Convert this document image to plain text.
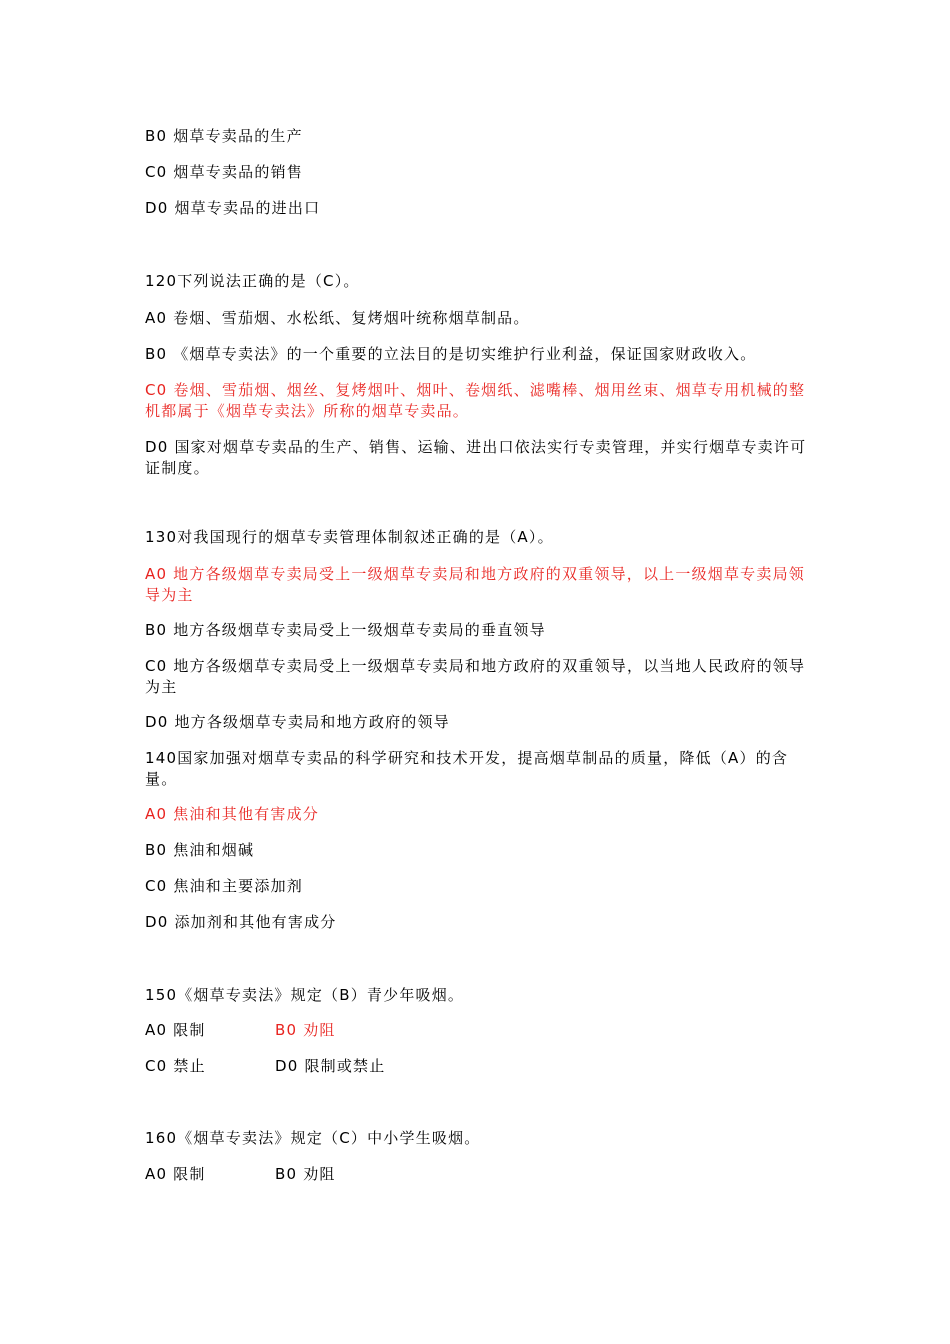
B0 烟草专卖品的生产
C0 烟草专卖品的销售
D0 烟草专卖品的进出口
120下列说法正确的是（C）。
A0 卷烟、雪茄烟、水松纸、复烤烟叶统称烟草制品。
B0 《烟草专卖法》的一个重要的立法目的是切实维护行业利益，保证国家财政收入。
C0 卷烟、雪茄烟、烟丝、复烤烟叶、烟叶、卷烟纸、滤嘴棒、烟用丝束、烟草专用机械的整机都属于《烟草专卖法》所称的烟草专卖品。
D0 国家对烟草专卖品的生产、销售、运输、进出口依法实行专卖管理，并实行烟草专卖许可证制度。
130对我国现行的烟草专卖管理体制叙述正确的是（A）。
A0 地方各级烟草专卖局受上一级烟草专卖局和地方政府的双重领导，以上一级烟草专卖局领导为主
B0 地方各级烟草专卖局受上一级烟草专卖局的垂直领导
C0 地方各级烟草专卖局受上一级烟草专卖局和地方政府的双重领导，以当地人民政府的领导为主
D0 地方各级烟草专卖局和地方政府的领导
140国家加强对烟草专卖品的科学研究和技术开发，提高烟草制品的质量，降低（A）的含量。
A0 焦油和其他有害成分
B0 焦油和烟碱
C0 焦油和主要添加剂
D0 添加剂和其他有害成分
150《烟草专卖法》规定（B）青少年吸烟。
A0 限制	B0 劝阻
C0 禁止	D0 限制或禁止
160《烟草专卖法》规定（C）中小学生吸烟。
A0 限制	B0 劝阻
